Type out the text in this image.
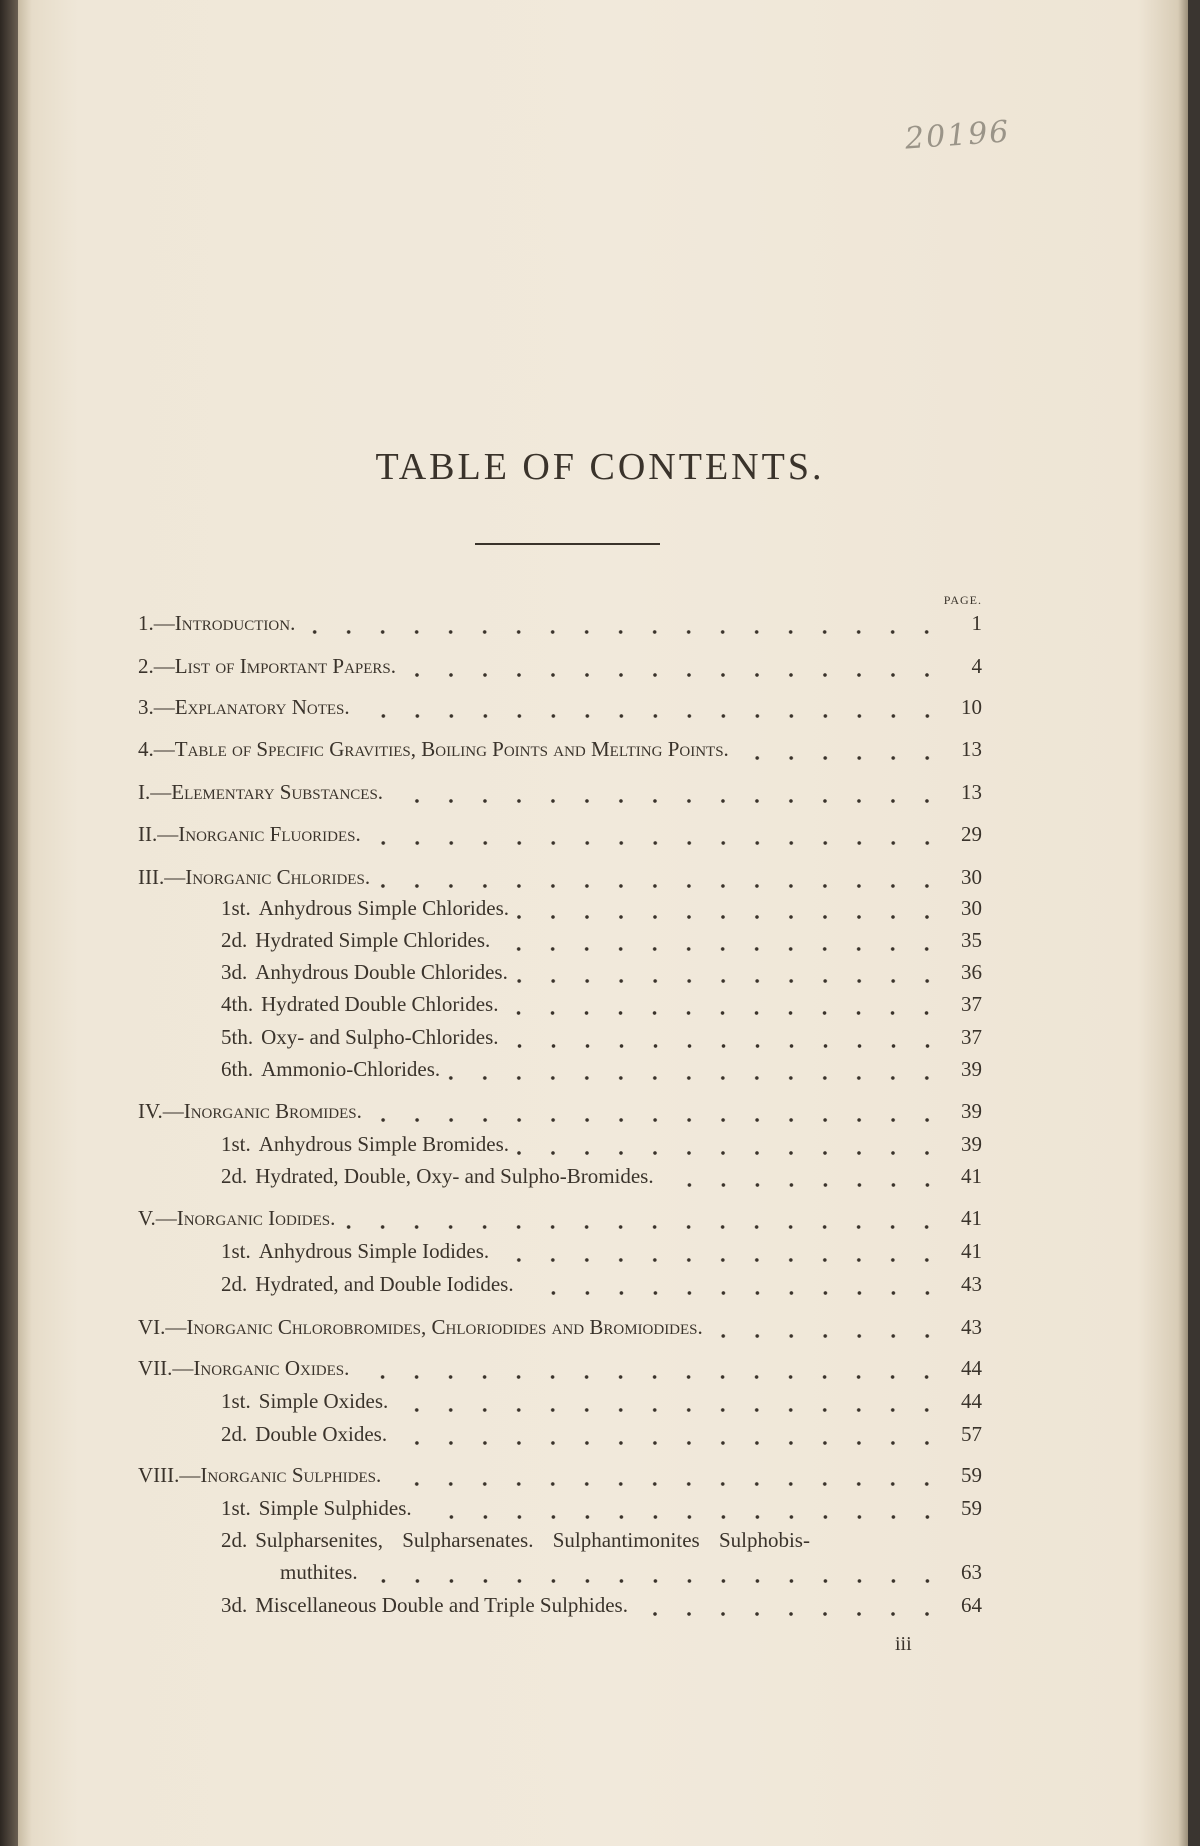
20196
TABLE OF CONTENTS.
PAGE.
1.—Introduction.	1
2.—List of Important Papers.	4
3.—Explanatory Notes.	10
4.—Table of Specific Gravities, Boiling Points and Melting Points.	13
I.—Elementary Substances.	13
II.—Inorganic Fluorides.	29
III.—Inorganic Chlorides.	30
1st. Anhydrous Simple Chlorides.	30
2d. Hydrated Simple Chlorides.	35
3d. Anhydrous Double Chlorides.	36
4th. Hydrated Double Chlorides.	37
5th. Oxy- and Sulpho-Chlorides.	37
6th. Ammonio-Chlorides.	39
IV.—Inorganic Bromides.	39
1st. Anhydrous Simple Bromides.	39
2d. Hydrated, Double, Oxy- and Sulpho-Bromides.	41
V.—Inorganic Iodides.	41
1st. Anhydrous Simple Iodides.	41
2d. Hydrated, and Double Iodides.	43
VI.—Inorganic Chlorobromides, Chloriodides and Bromiodides.	43
VII.—Inorganic Oxides.	44
1st. Simple Oxides.	44
2d. Double Oxides.	57
VIII.—Inorganic Sulphides.	59
1st. Simple Sulphides.	59
2d. Sulpharsenites, Sulpharsenates. Sulphantimonites Sulphobis-
muthites.	63
3d. Miscellaneous Double and Triple Sulphides.	64
iii
